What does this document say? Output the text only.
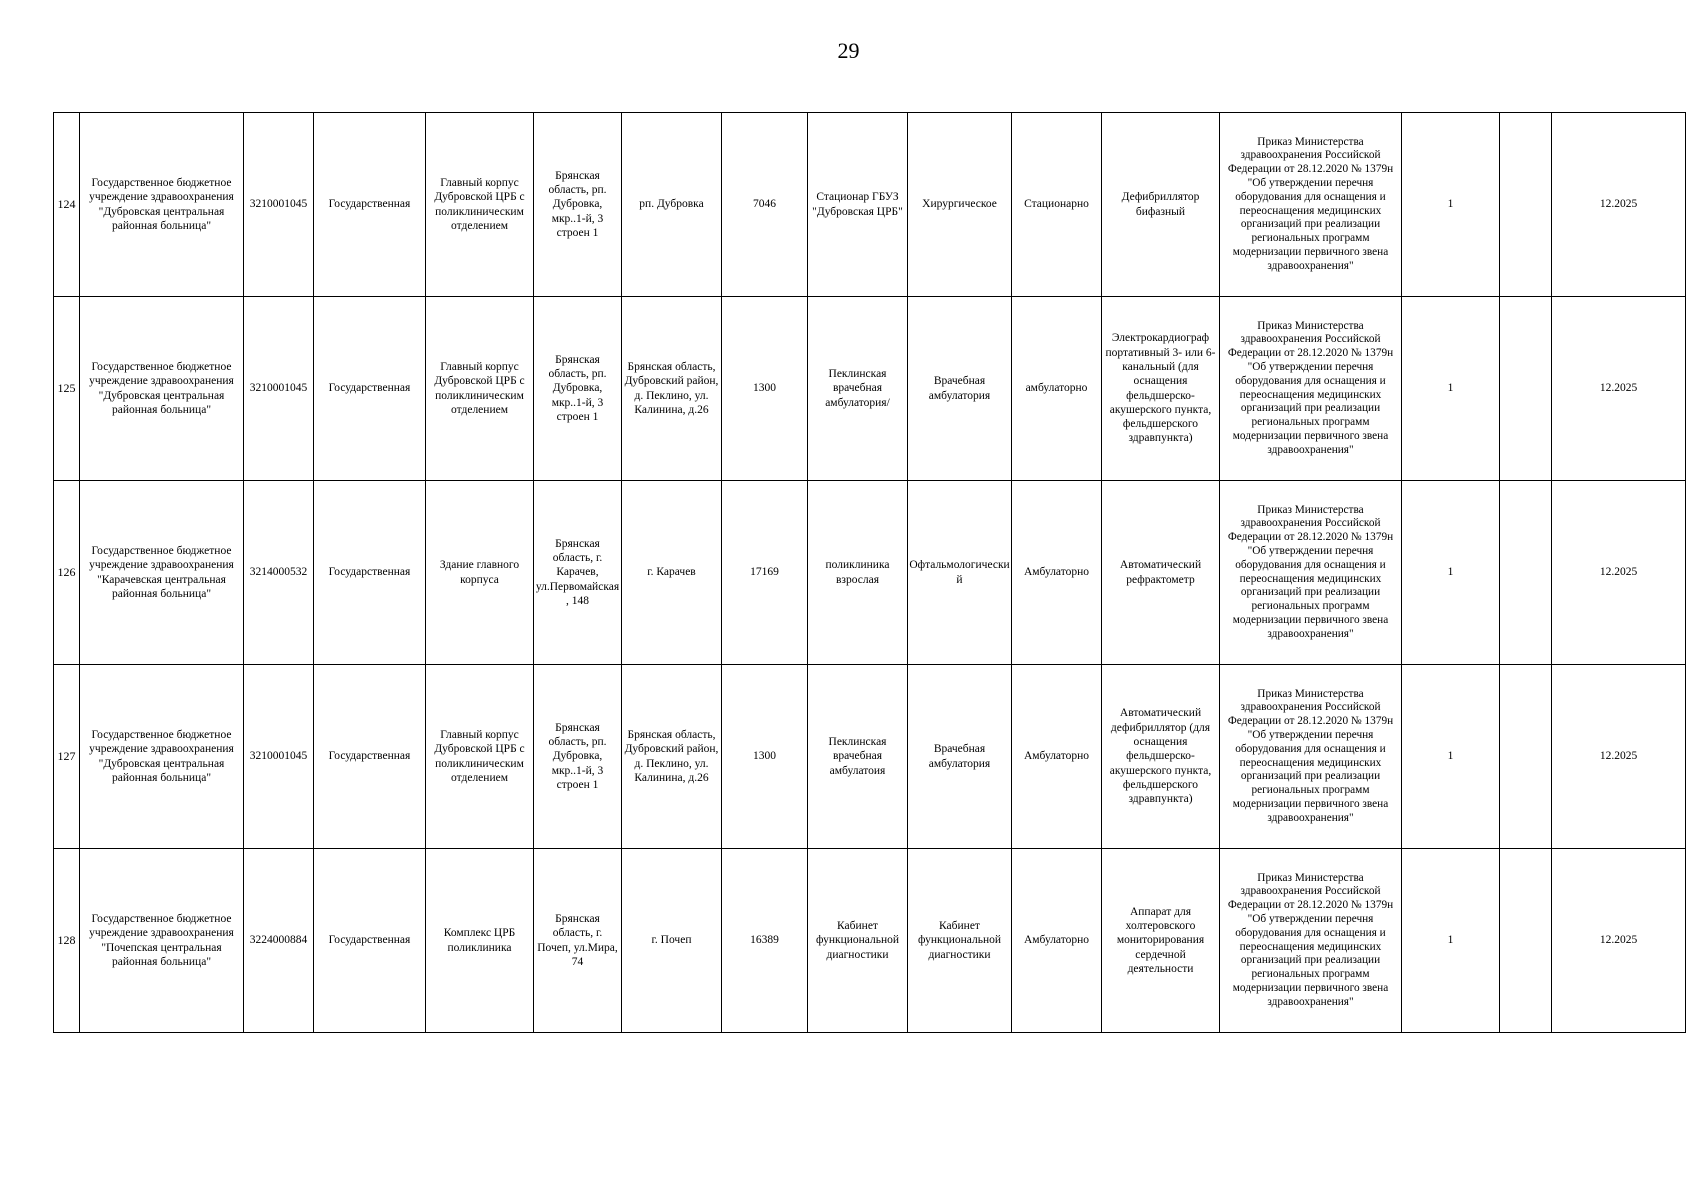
29
124	Государственное бюджетное учреждение здравоохранения "Дубровская центральная районная больница"	3210001045	Государственная	Главный корпус Дубровской ЦРБ с поликлиническим отделением	Брянская область, рп. Дубровка, мкр..1-й, 3 строен 1	рп. Дубровка	7046	Стационар ГБУЗ "Дубровская ЦРБ"	Хирургическое	Стационарно	Дефибриллятор бифазный	Приказ Министерства здравоохранения Российской Федерации от 28.12.2020 № 1379н "Об утверждении перечня оборудования для оснащения и переоснащения медицинских организаций при реализации региональных программ модернизации первичного звена здравоохранения"	1		12.2025
125	Государственное бюджетное учреждение здравоохранения "Дубровская центральная районная больница"	3210001045	Государственная	Главный корпус Дубровской ЦРБ с поликлиническим отделением	Брянская область, рп. Дубровка, мкр..1-й, 3 строен 1	Брянская область, Дубровский район, д. Пеклино, ул. Калинина, д.26	1300	Пеклинская врачебная амбулатория/	Врачебная амбулатория	амбулаторно	Электрокардиограф портативный 3- или 6-канальный (для оснащения фельдшерско-акушерского пункта, фельдшерского здравпункта)	Приказ Министерства здравоохранения Российской Федерации от 28.12.2020 № 1379н "Об утверждении перечня оборудования для оснащения и переоснащения медицинских организаций при реализации региональных программ модернизации первичного звена здравоохранения"	1		12.2025
126	Государственное бюджетное учреждение здравоохранения "Карачевская центральная районная больница"	3214000532	Государственная	Здание главного корпуса	Брянская область, г. Карачев, ул.Первомайская, 148	г. Карачев	17169	поликлиника взрослая	Офтальмологический	Амбулаторно	Автоматический рефрактометр	Приказ Министерства здравоохранения Российской Федерации от 28.12.2020 № 1379н "Об утверждении перечня оборудования для оснащения и переоснащения медицинских организаций при реализации региональных программ модернизации первичного звена здравоохранения"	1		12.2025
127	Государственное бюджетное учреждение здравоохранения "Дубровская центральная районная больница"	3210001045	Государственная	Главный корпус Дубровской ЦРБ с поликлиническим отделением	Брянская область, рп. Дубровка, мкр..1-й, 3 строен 1	Брянская область, Дубровский район, д. Пеклино, ул. Калинина, д.26	1300	Пеклинская врачебная амбулатоия	Врачебная амбулатория	Амбулаторно	Автоматический дефибриллятор (для оснащения фельдшерско-акушерского пункта, фельдшерского здравпункта)	Приказ Министерства здравоохранения Российской Федерации от 28.12.2020 № 1379н "Об утверждении перечня оборудования для оснащения и переоснащения медицинских организаций при реализации региональных программ модернизации первичного звена здравоохранения"	1		12.2025
128	Государственное бюджетное учреждение здравоохранения "Почепская центральная районная больница"	3224000884	Государственная	Комплекс ЦРБ поликлиника	Брянская область, г. Почеп, ул.Мира, 74	г. Почеп	16389	Кабинет функциональной диагностики	Кабинет функциональной диагностики	Амбулаторно	Аппарат для холтеровского мониторирования сердечной деятельности	Приказ Министерства здравоохранения Российской Федерации от 28.12.2020 № 1379н "Об утверждении перечня оборудования для оснащения и переоснащения медицинских организаций при реализации региональных программ модернизации первичного звена здравоохранения"	1		12.2025
